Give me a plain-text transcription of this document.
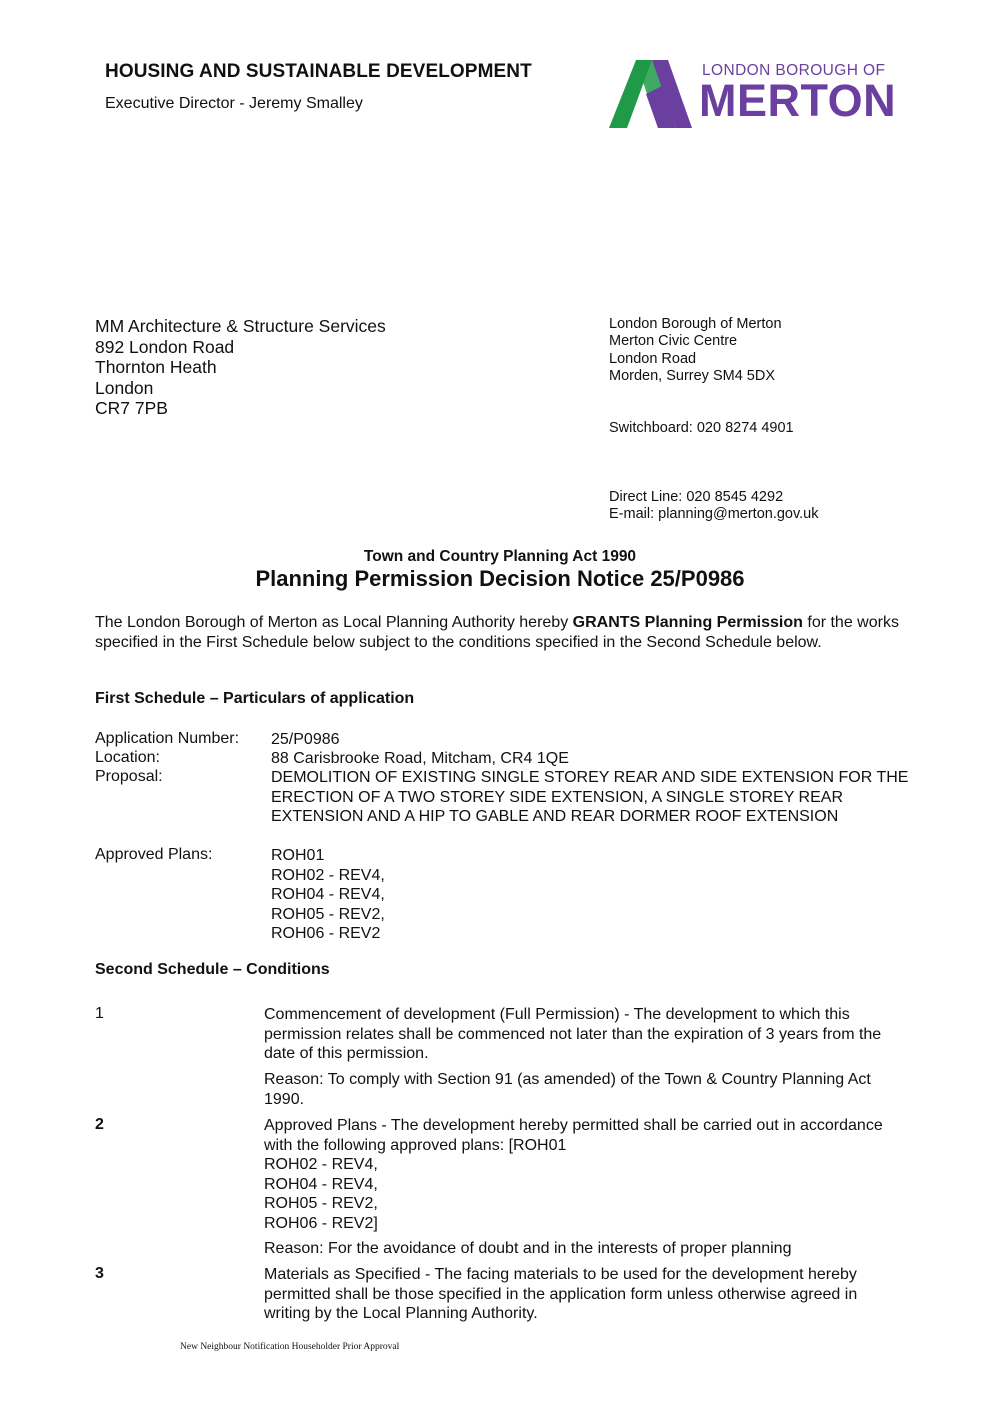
HOUSING AND SUSTAINABLE DEVELOPMENT
Executive Director - Jeremy Smalley
LONDON BOROUGH OF
MERTON
MM Architecture & Structure Services
892 London Road
Thornton Heath
London
CR7 7PB
London Borough of Merton
Merton Civic Centre
London Road
Morden, Surrey SM4 5DX
Switchboard: 020 8274 4901
Direct Line: 020 8545 4292
E-mail: planning@merton.gov.uk
Town and Country Planning Act 1990
Planning Permission Decision Notice 25/P0986
The London Borough of Merton as Local Planning Authority hereby GRANTS Planning Permission for the works specified in the First Schedule below subject to the conditions specified in the Second Schedule below.
First Schedule – Particulars of application
Application Number: 25/P0986
Location:	88 Carisbrooke Road, Mitcham, CR4 1QE
Proposal:	DEMOLITION OF EXISTING SINGLE STOREY REAR AND SIDE EXTENSION FOR THE ERECTION OF A TWO STOREY SIDE EXTENSION, A SINGLE STOREY REAR EXTENSION AND A HIP TO GABLE AND REAR DORMER ROOF EXTENSION
Approved Plans:	ROH01
ROH02 - REV4,
ROH04 - REV4,
ROH05 - REV2,
ROH06 - REV2
Second Schedule – Conditions
1	Commencement of development (Full Permission) - The development to which this permission relates shall be commenced not later than the expiration of 3 years from the date of this permission.
Reason: To comply with Section 91 (as amended) of the Town & Country Planning Act 1990.
2	Approved Plans - The development hereby permitted shall be carried out in accordance with the following approved plans: [ROH01
ROH02 - REV4,
ROH04 - REV4,
ROH05 - REV2,
ROH06 - REV2]
Reason: For the avoidance of doubt and in the interests of proper planning
3	Materials as Specified - The facing materials to be used for the development hereby permitted shall be those specified in the application form unless otherwise agreed in writing by the Local Planning Authority.
New Neighbour Notification Householder Prior Approval
